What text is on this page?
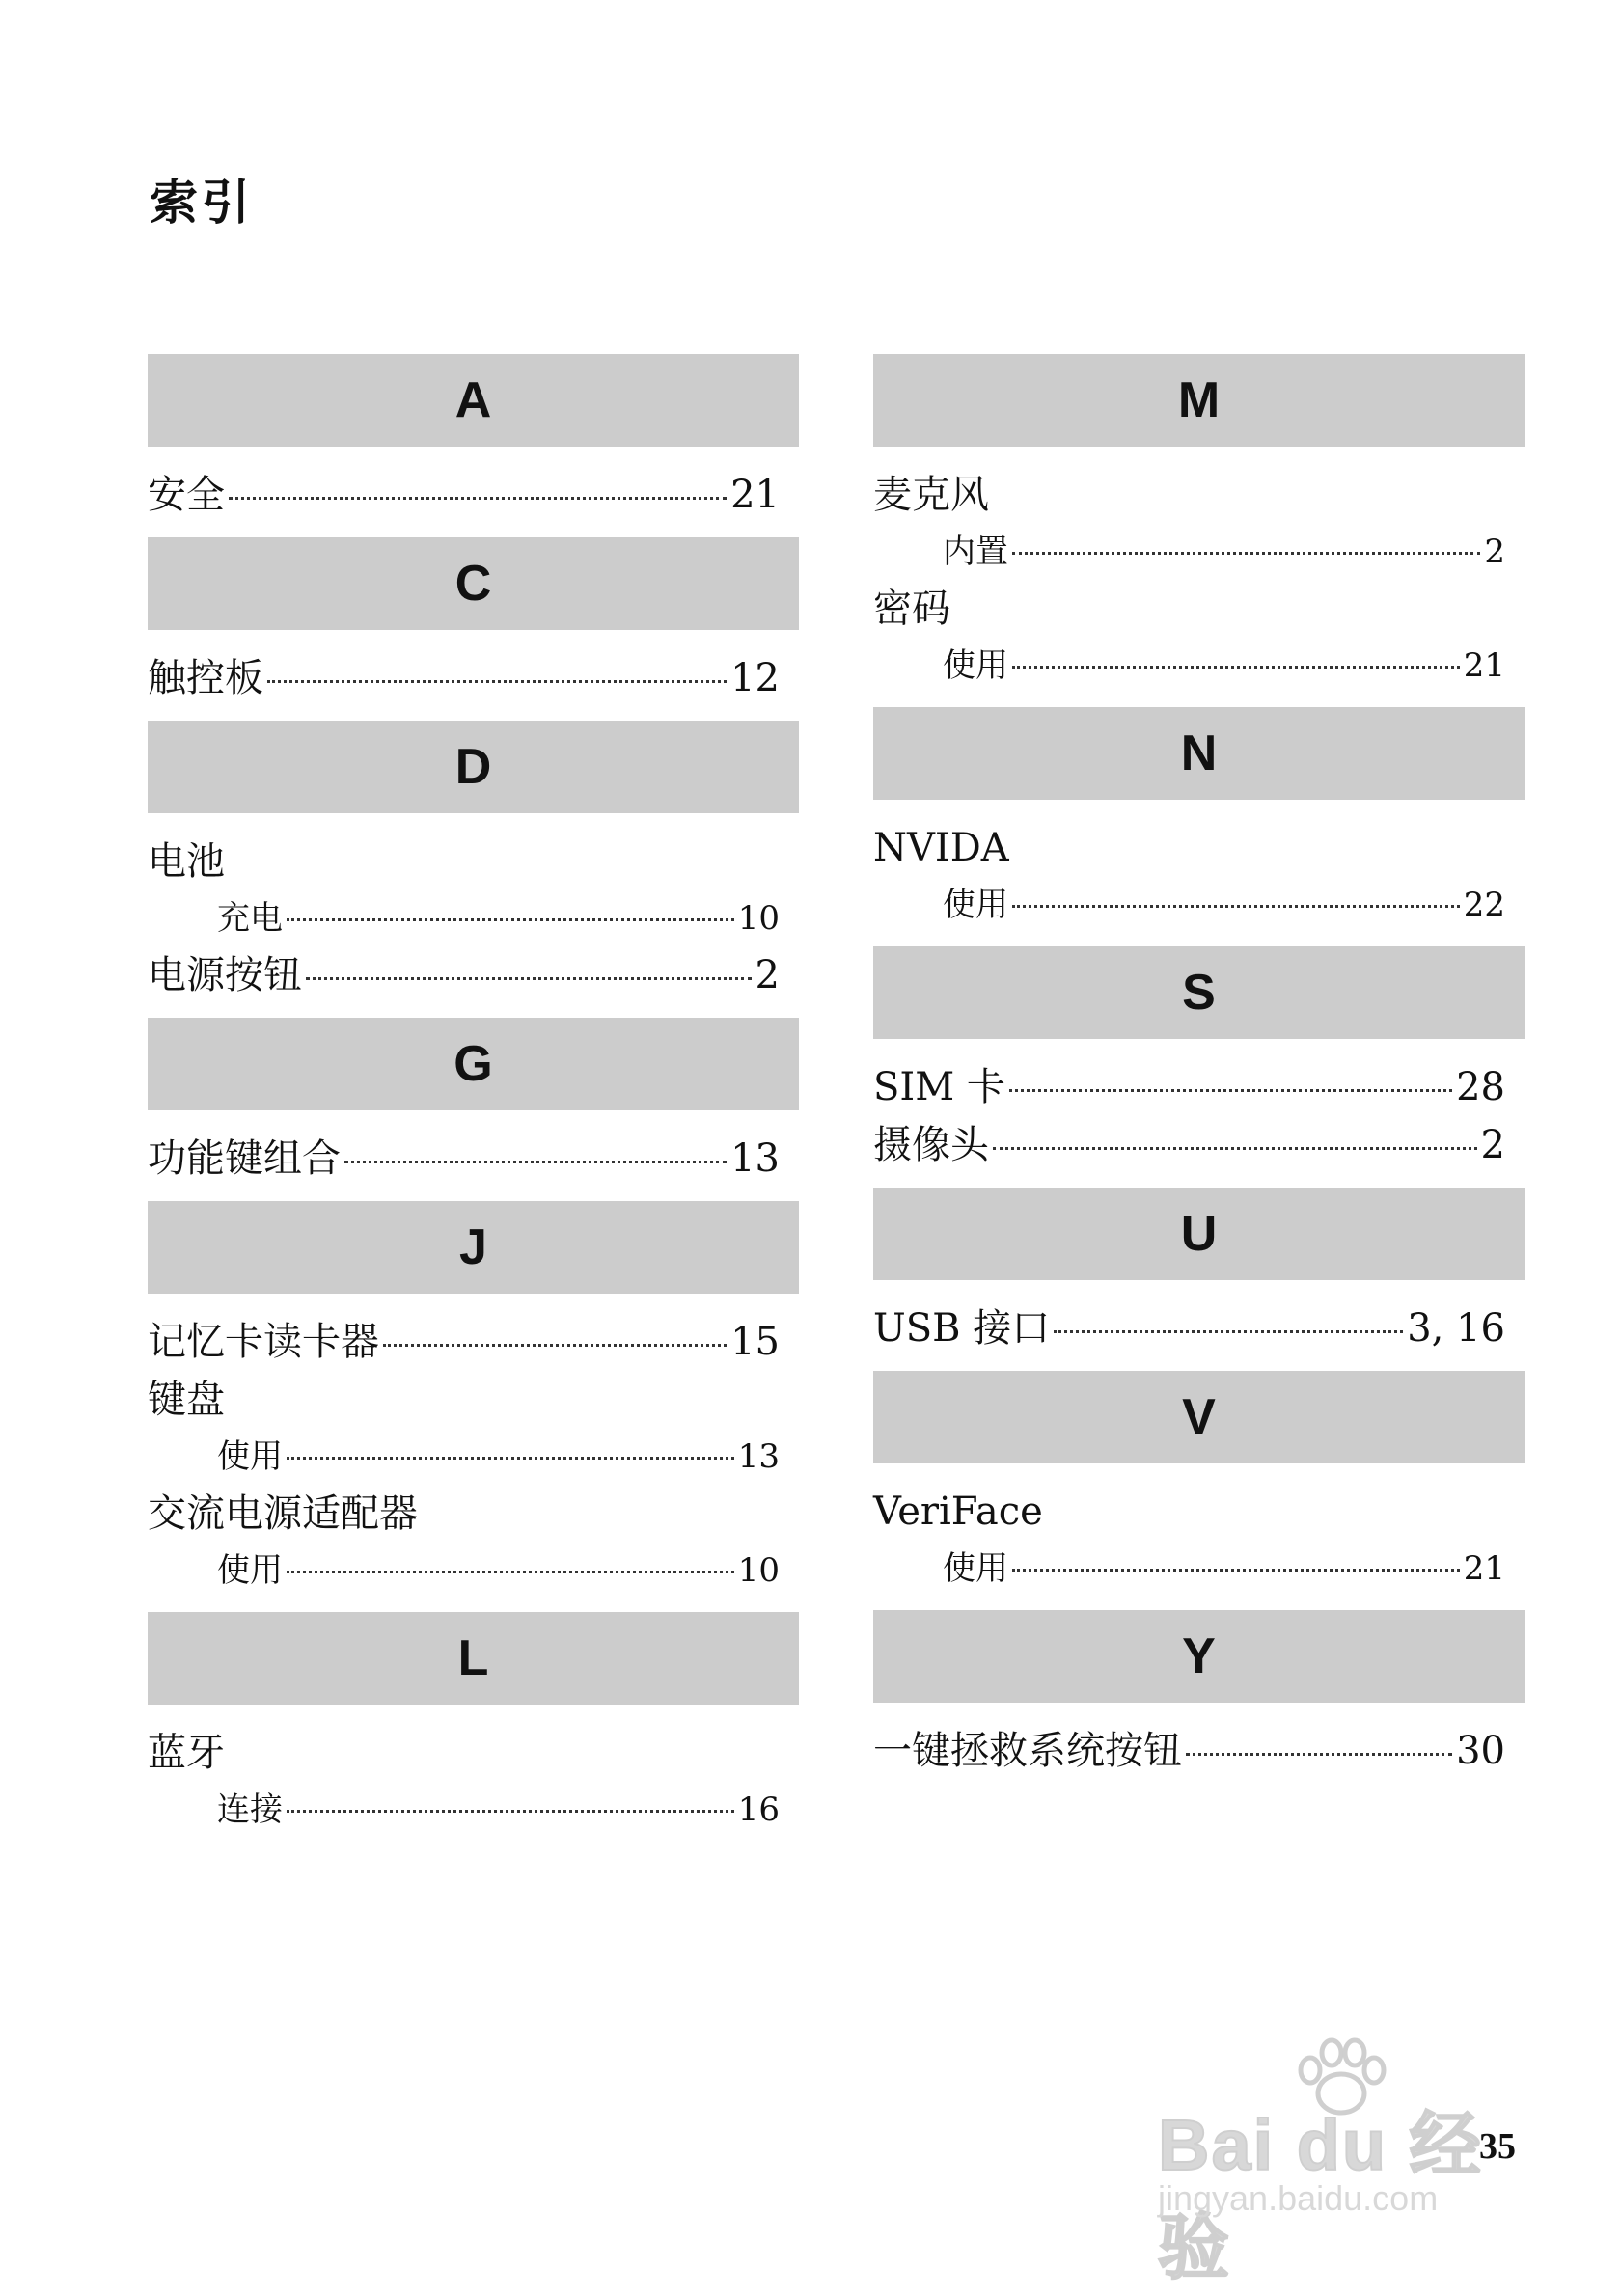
索引
A
安全	21
C
触控板	12
D
电池
充电	10
电源按钮	2
G
功能键组合	13
J
记忆卡读卡器	15
键盘
使用	13
交流电源适配器
使用	10
L
蓝牙
连接	16
M
麦克风
内置	2
密码
使用	21
N
NVIDA
使用	22
S
SIM 卡	28
摄像头	2
U
USB 接口	3, 16
V
VeriFace
使用	21
Y
一键拯救系统按钮	30
35
Bai du 经验
jingyan.baidu.com
